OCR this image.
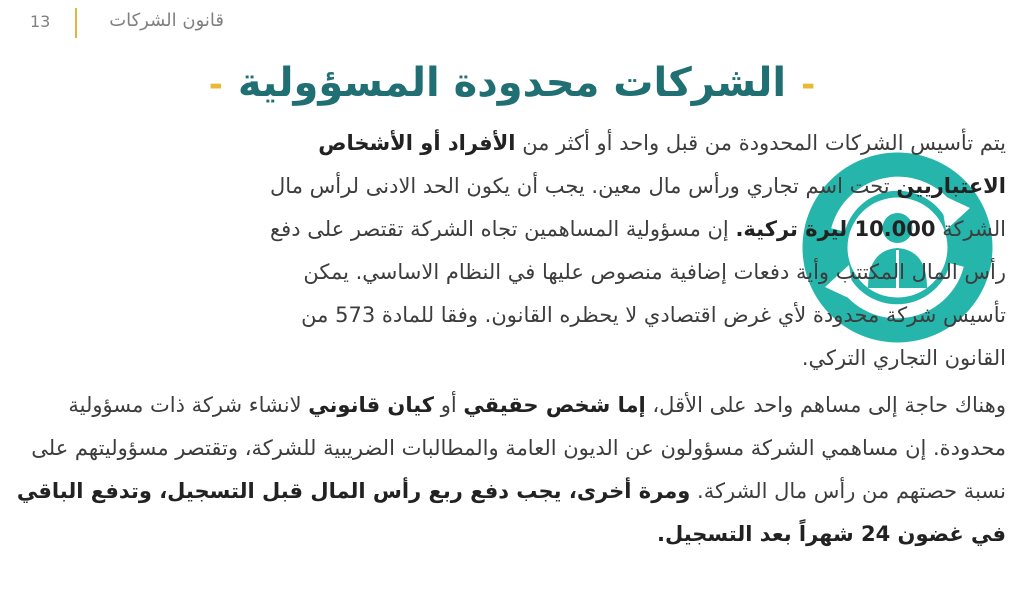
قانون الشركات
13
- الشركات محدودة المسؤولية -
يتم تأسيس الشركات المحدودة من قبل واحد أو أكثر من الأفراد أو الأشخاص الاعتباريين تحت اسم تجاري ورأس مال معين. يجب أن يكون الحد الادنى لرأس مال الشركة 10.000 ليرة تركية. إن مسؤولية المساهمين تجاه الشركة تقتصر على دفع رأس المال المكتتب وأية دفعات إضافية منصوص عليها في النظام الاساسي. يمكن تأسيس شركة محدودة لأي غرض اقتصادي لا يحظره القانون. وفقا للمادة 573 من القانون التجاري التركي.
وهناك حاجة إلى مساهم واحد على الأقل، إما شخص حقيقي أو كيان قانوني لانشاء شركة ذات مسؤولية محدودة. إن مساهمي الشركة مسؤولون عن الديون العامة والمطالبات الضريبية للشركة، وتقتصر مسؤوليتهم على نسبة حصتهم من رأس مال الشركة. ومرة أخرى، يجب دفع ربع رأس المال قبل التسجيل، وتدفع الباقي في غضون 24 شهراً بعد التسجيل.
